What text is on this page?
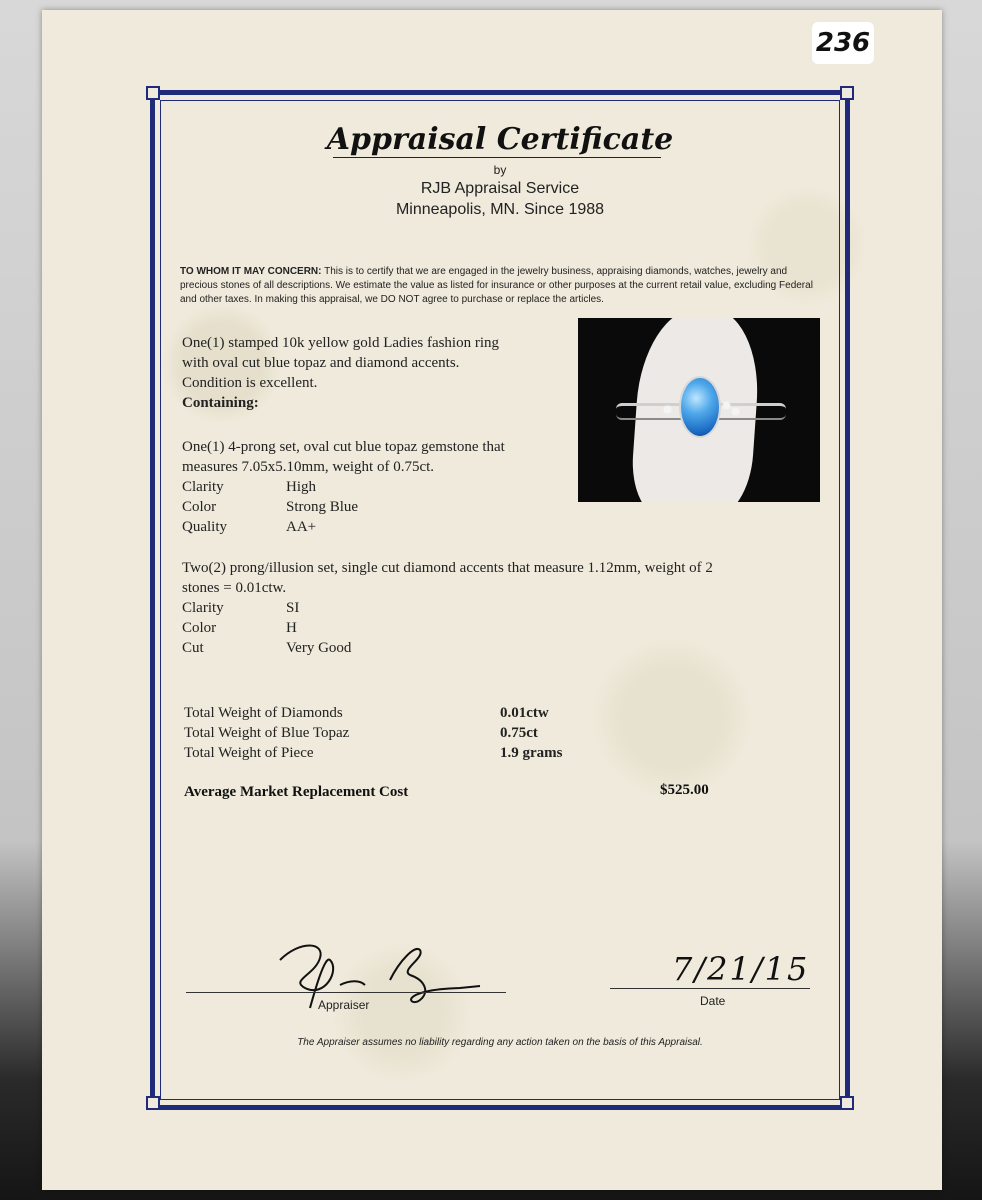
236
Appraisal Certificate
by
RJB Appraisal Service
Minneapolis, MN. Since 1988
TO WHOM IT MAY CONCERN: This is to certify that we are engaged in the jewelry business, appraising diamonds, watches, jewelry and precious stones of all descriptions. We estimate the value as listed for insurance or other purposes at the current retail value, excluding Federal and other taxes. In making this appraisal, we DO NOT agree to purchase or replace the articles.
One(1) stamped 10k yellow gold Ladies fashion ring
with oval cut blue topaz and diamond accents.
Condition is excellent.
Containing:
One(1) 4-prong set, oval cut blue topaz gemstone that
measures 7.05x5.10mm, weight of 0.75ct.
Clarity	High
Color	Strong Blue
Quality	AA+
Two(2) prong/illusion set, single cut diamond accents that measure 1.12mm, weight of 2
stones = 0.01ctw.
Clarity	SI
Color	H
Cut	Very Good
Total Weight of Diamonds	0.01ctw
Total Weight of Blue Topaz	0.75ct
Total Weight of Piece	1.9 grams
Average Market Replacement Cost	$525.00
Appraiser
7/21/15
Date
The Appraiser assumes no liability regarding any action taken on the basis of this Appraisal.
